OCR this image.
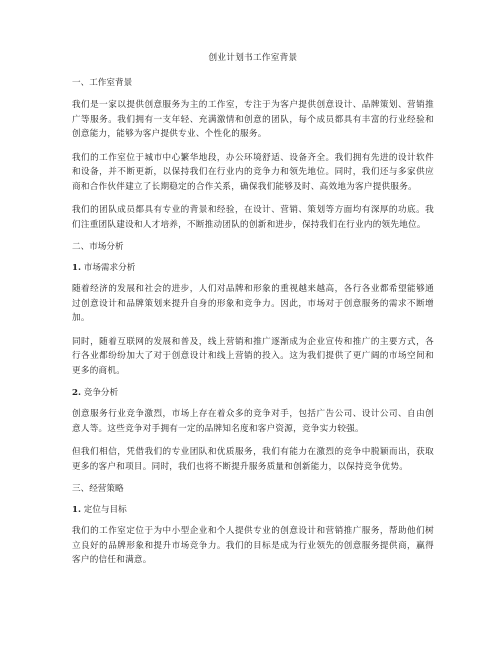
创业计划书工作室背景
一、工作室背景

我们是一家以提供创意服务为主的工作室，专注于为客户提供创意设计、品牌策划、营销推广等服务。我们拥有一支年轻、充满激情和创意的团队，每个成员都具有丰富的行业经验和创意能力，能够为客户提供专业、个性化的服务。

我们的工作室位于城市中心繁华地段，办公环境舒适、设备齐全。我们拥有先进的设计软件和设备，并不断更新，以保持我们在行业内的竞争力和领先地位。同时，我们还与多家供应商和合作伙伴建立了长期稳定的合作关系，确保我们能够及时、高效地为客户提供服务。

我们的团队成员都具有专业的背景和经验，在设计、营销、策划等方面均有深厚的功底。我们注重团队建设和人才培养，不断推动团队的创新和进步，保持我们在行业内的领先地位。

二、市场分析
1. 市场需求分析

随着经济的发展和社会的进步，人们对品牌和形象的重视越来越高，各行各业都希望能够通过创意设计和品牌策划来提升自身的形象和竞争力。因此，市场对于创意服务的需求不断增加。

同时，随着互联网的发展和普及，线上营销和推广逐渐成为企业宣传和推广的主要方式，各行各业都纷纷加大了对于创意设计和线上营销的投入。这为我们提供了更广阔的市场空间和更多的商机。

2. 竞争分析

创意服务行业竞争激烈，市场上存在着众多的竞争对手，包括广告公司、设计公司、自由创意人等。这些竞争对手拥有一定的品牌知名度和客户资源，竞争实力较强。

但我们相信，凭借我们的专业团队和优质服务，我们有能力在激烈的竞争中脱颖而出，获取更多的客户和项目。同时，我们也将不断提升服务质量和创新能力，以保持竞争优势。

三、经营策略
1. 定位与目标

我们的工作室定位于为中小型企业和个人提供专业的创意设计和营销推广服务，帮助他们树立良好的品牌形象和提升市场竞争力。我们的目标是成为行业领先的创意服务提供商，赢得客户的信任和满意。
